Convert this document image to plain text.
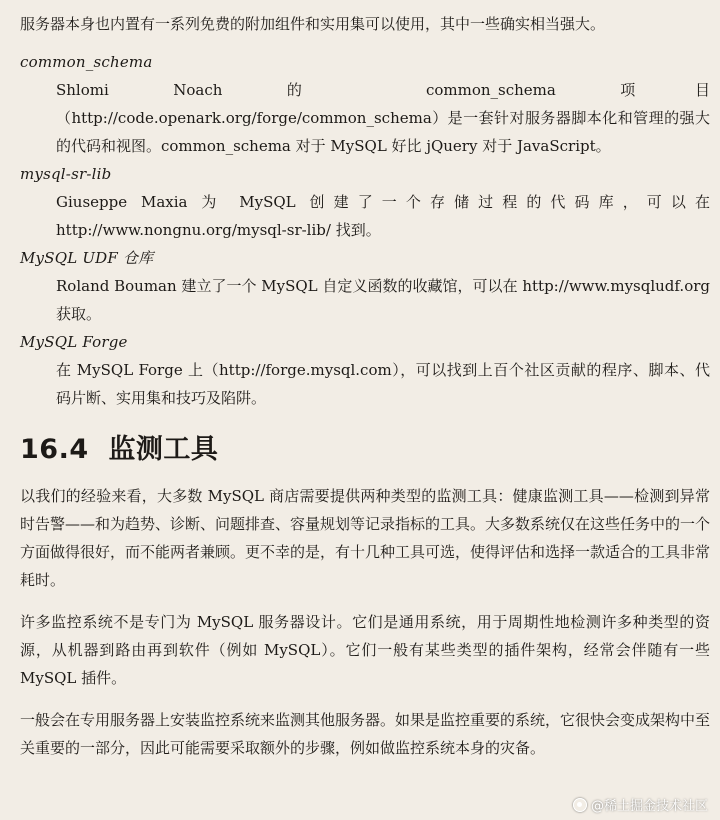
服务器本身也内置有一系列免费的附加组件和实用集可以使用，其中一些确实相当强大。

common_schema

Shlomi Noach 的 common_schema 项目（http://code.openark.org/forge/common_schema）是一套针对服务器脚本化和管理的强大的代码和视图。common_schema 对于 MySQL 好比 jQuery 对于 JavaScript。

mysql-sr-lib

Giuseppe Maxia 为 MySQL 创建了一个存储过程的代码库，可以在 http://www.nongnu.org/mysql-sr-lib/ 找到。

MySQL UDF 仓库

Roland Bouman 建立了一个 MySQL 自定义函数的收藏馆，可以在 http://www.mysqludf.org 获取。

MySQL Forge

在 MySQL Forge 上（http://forge.mysql.com），可以找到上百个社区贡献的程序、脚本、代码片断、实用集和技巧及陷阱。

16.4 监测工具

以我们的经验来看，大多数 MySQL 商店需要提供两种类型的监测工具：健康监测工具——检测到异常时告警——和为趋势、诊断、问题排查、容量规划等记录指标的工具。大多数系统仅在这些任务中的一个方面做得很好，而不能两者兼顾。更不幸的是，有十几种工具可选，使得评估和选择一款适合的工具非常耗时。

许多监控系统不是专门为 MySQL 服务器设计。它们是通用系统，用于周期性地检测许多种类型的资源，从机器到路由再到软件（例如 MySQL）。它们一般有某些类型的插件架构，经常会伴随有一些 MySQL 插件。

一般会在专用服务器上安装监控系统来监测其他服务器。如果是监控重要的系统，它很快会变成架构中至关重要的一部分，因此可能需要采取额外的步骤，例如做监控系统本身的灾备。

@稀土掘金技术社区
